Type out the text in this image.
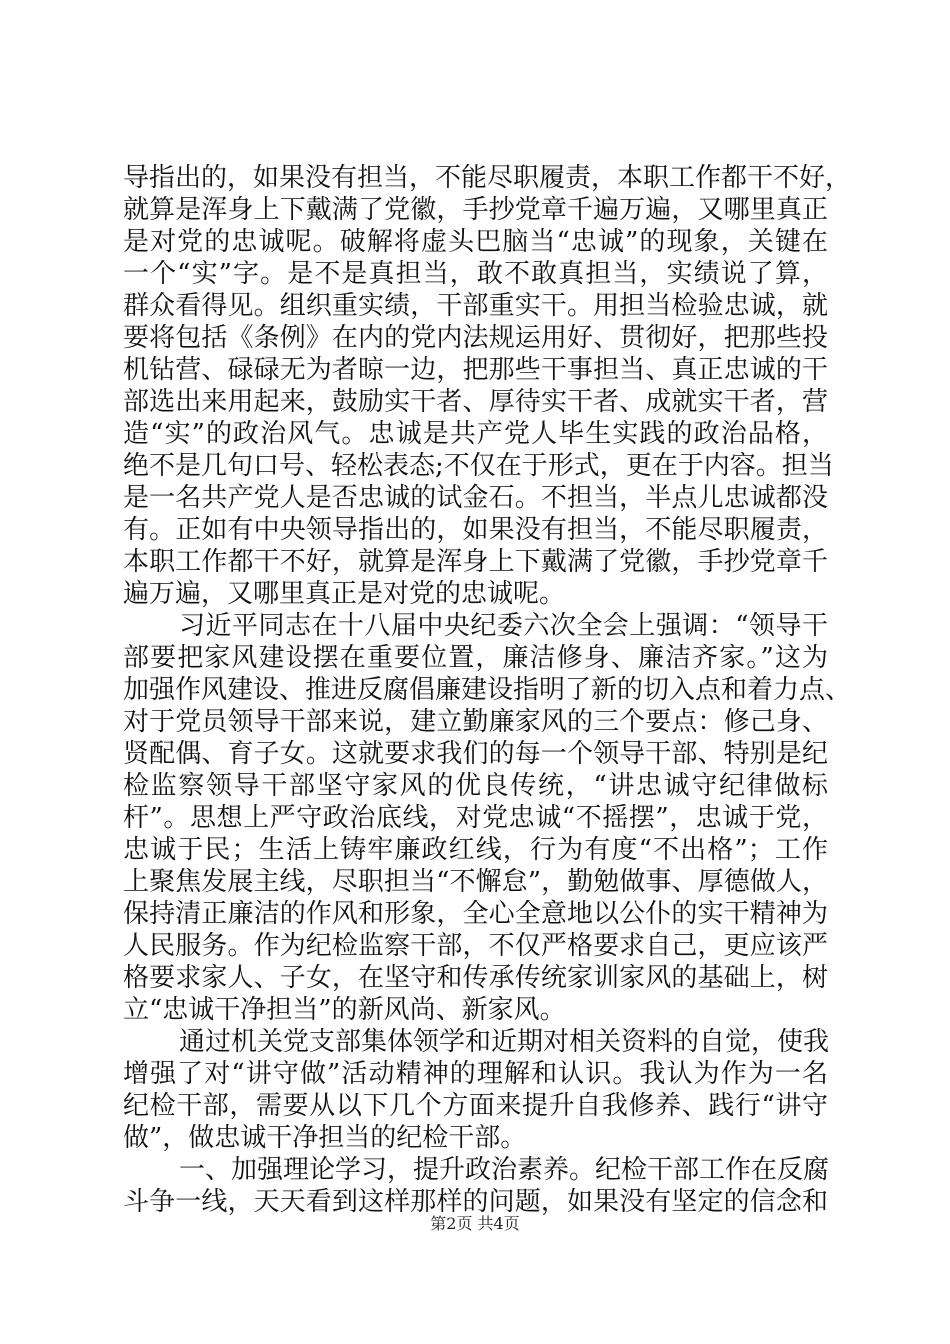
导指出的，如果没有担当，不能尽职履责，本职工作都干不好，
就算是浑身上下戴满了党徽，手抄党章千遍万遍，又哪里真正
是对党的忠诚呢。破解将虚头巴脑当“忠诚”的现象，关键在
一个“实”字。是不是真担当，敢不敢真担当，实绩说了算，
群众看得见。组织重实绩，干部重实干。用担当检验忠诚，就
要将包括《条例》在内的党内法规运用好、贯彻好，把那些投
机钻营、碌碌无为者晾一边，把那些干事担当、真正忠诚的干
部选出来用起来，鼓励实干者、厚待实干者、成就实干者，营
造“实”的政治风气。忠诚是共产党人毕生实践的政治品格，
绝不是几句口号、轻松表态;不仅在于形式，更在于内容。担当
是一名共产党人是否忠诚的试金石。不担当，半点儿忠诚都没
有。正如有中央领导指出的，如果没有担当，不能尽职履责，
本职工作都干不好，就算是浑身上下戴满了党徽，手抄党章千
遍万遍，又哪里真正是对党的忠诚呢。
习近平同志在十八届中央纪委六次全会上强调：“领导干
部要把家风建设摆在重要位置，廉洁修身、廉洁齐家。”这为
加强作风建设、推进反腐倡廉建设指明了新的切入点和着力点、
对于党员领导干部来说，建立勤廉家风的三个要点：修己身、
贤配偶、育子女。这就要求我们的每一个领导干部、特别是纪
检监察领导干部坚守家风的优良传统，“讲忠诚守纪律做标
杆”。思想上严守政治底线，对党忠诚“不摇摆”，忠诚于党，
忠诚于民；生活上铸牢廉政红线，行为有度“不出格”；工作
上聚焦发展主线，尽职担当“不懈怠”，勤勉做事、厚德做人，
保持清正廉洁的作风和形象，全心全意地以公仆的实干精神为
人民服务。作为纪检监察干部，不仅严格要求自己，更应该严
格要求家人、子女，在坚守和传承传统家训家风的基础上，树
立“忠诚干净担当”的新风尚、新家风。
通过机关党支部集体领学和近期对相关资料的自觉，使我
增强了对“讲守做”活动精神的理解和认识。我认为作为一名
纪检干部，需要从以下几个方面来提升自我修养、践行“讲守
做”，做忠诚干净担当的纪检干部。
一、加强理论学习，提升政治素养。纪检干部工作在反腐
斗争一线，天天看到这样那样的问题，如果没有坚定的信念和
第2页 共4页
